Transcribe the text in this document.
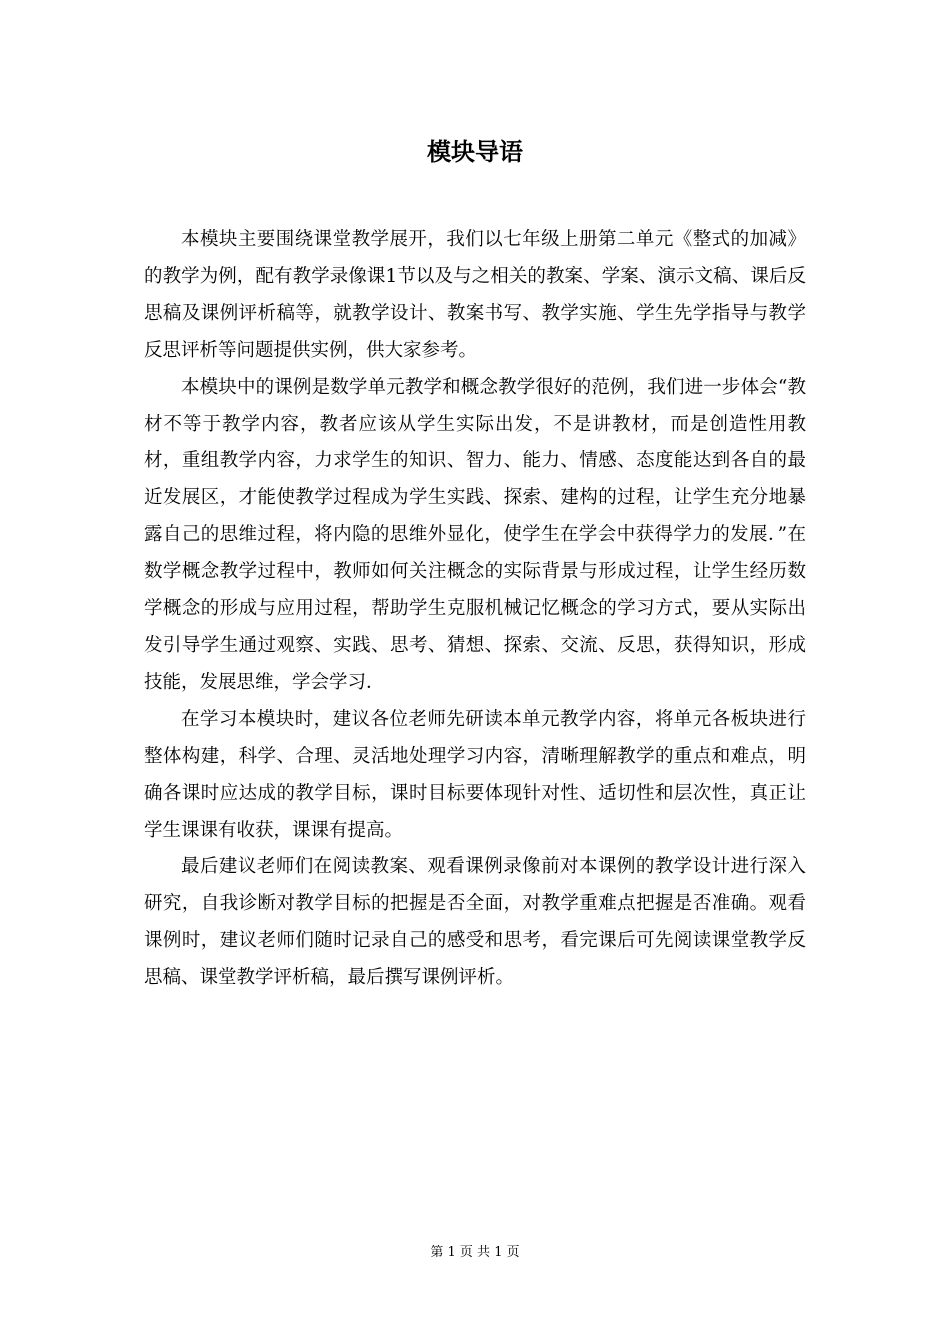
模块导语

本模块主要围绕课堂教学展开，我们以七年级上册第二单元《整式的加减》的教学为例，配有教学录像课1节以及与之相关的教案、学案、演示文稿、课后反思稿及课例评析稿等，就教学设计、教案书写、教学实施、学生先学指导与教学反思评析等问题提供实例，供大家参考。

本模块中的课例是数学单元教学和概念教学很好的范例，我们进一步体会“教材不等于教学内容，教者应该从学生实际出发，不是讲教材，而是创造性用教材，重组教学内容，力求学生的知识、智力、能力、情感、态度能达到各自的最近发展区，才能使教学过程成为学生实践、探索、建构的过程，让学生充分地暴露自己的思维过程，将内隐的思维外显化，使学生在学会中获得学力的发展．”在数学概念教学过程中，教师如何关注概念的实际背景与形成过程，让学生经历数学概念的形成与应用过程，帮助学生克服机械记忆概念的学习方式，要从实际出发引导学生通过观察、实践、思考、猜想、探索、交流、反思，获得知识，形成技能，发展思维，学会学习．

在学习本模块时，建议各位老师先研读本单元教学内容，将单元各板块进行整体构建，科学、合理、灵活地处理学习内容，清晰理解教学的重点和难点，明确各课时应达成的教学目标，课时目标要体现针对性、适切性和层次性，真正让学生课课有收获，课课有提高。

最后建议老师们在阅读教案、观看课例录像前对本课例的教学设计进行深入研究，自我诊断对教学目标的把握是否全面，对教学重难点把握是否准确。观看课例时，建议老师们随时记录自己的感受和思考，看完课后可先阅读课堂教学反思稿、课堂教学评析稿，最后撰写课例评析。

第 1 页 共 1 页
